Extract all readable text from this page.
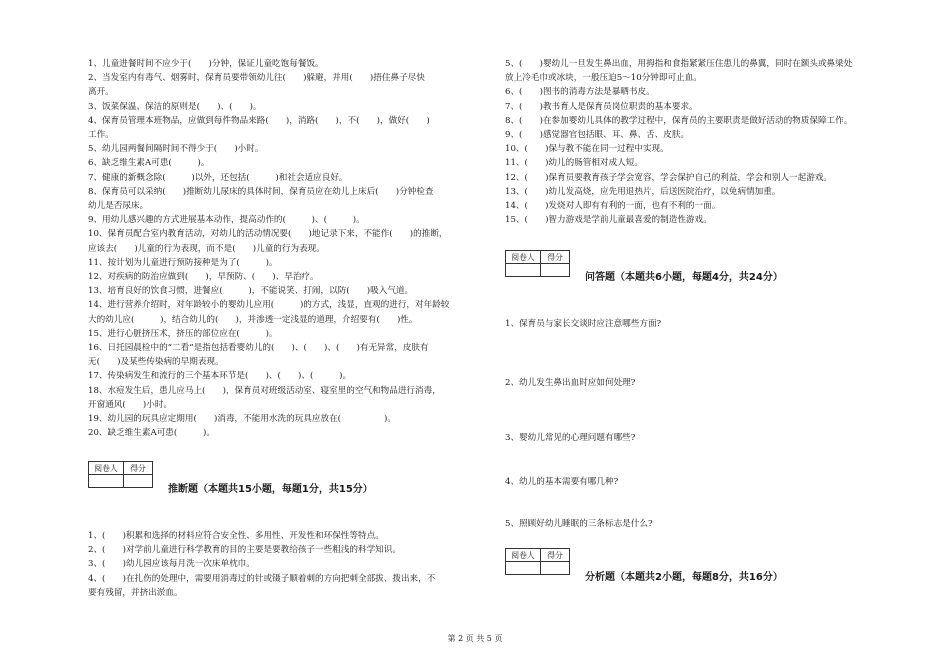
1、儿童进餐时间不应少于(　　)分钟，保证儿童吃饱每餐饭。
2、当发室内有毒气、烟雾时，保育员要带领幼儿往(　　)躲避，并用(　　)捂住鼻子尽快
离开。
3、饭菜保温、保洁的原则是(　　)、(　　)。
4、保育员管理本班物品，应做到每件物品来路(　　)，消路(　　)，不(　　)，做好(　　)
工作。
5、幼儿园两餐间隔时间不得少于(　　)小时。
6、缺乏维生素A可患(　　　)。
7、健康的新概念除(　　　)以外，还包括(　　　)和社会适应良好。
8、保育员可以采纳(　　)推断幼儿尿床的具体时间，保育员应在幼儿上床后(　　)分钟检查
幼儿是否尿床。
9、用幼儿感兴趣的方式进展基本动作，提高动作的(　　　)、(　　　)。
10、保育员配合室内教育活动，对幼儿的活动情况要(　　)地记录下来，不能作(　　)的推断，
应该去(　　)儿童的行为表现，而不是(　　)儿童的行为表现。
11、按计划为儿童进行预防接种是为了(　　　)。
12、对疾病的防治应做到(　　)，早预防、(　　)、早治疗。
13、培育良好的饮食习惯，进餐应(　　　)，不能说笑、打闹，以防(　　)吸入气道。
14、进行营养介绍时，对年龄较小的婴幼儿应用(　　　)的方式，浅显，直观的进行，对年龄较
大的幼儿应(　　　)，结合幼儿的(　　)，并渗透一定浅显的道理，介绍要有(　　)性。
15、进行心脏挤压术，挤压的部位应在(　　　)。
16、日托园晨检中的“二看”是指包括看婴幼儿的(　　)、(　　)、(　　)有无异常，皮肤有
无(　　)及某些传染病的早期表现。
17、传染病发生和流行的三个基本环节是(　　)、(　　)、(　　　)。
18、水痘发生后，患儿应马上(　　)，保育员对班级活动室、寝室里的空气和物品进行消毒，
开窗通风(　　)小时。
19、幼儿园的玩具应定期用(　　)消毒，不能用水洗的玩具应放在(　　　　　)。
20、缺乏维生素A可患(　　　)。
阅卷人	得分

推断题（本题共15小题，每题1分，共15分）
1、(　　)积累和选择的材料应符合安全性、多用性、开发性和环保性等特点。
2、(　　)对学前儿童进行科学教育的目的主要是要教给孩子一些粗浅的科学知识。
3、(　　)幼儿园应该每月洗一次床单枕巾。
4、(　　)在扎伤的处理中，需要用消毒过的针或镊子顺着刺的方向把刺全部拔、拨出来，不
要有残留，并挤出淤血。
5、(　　)婴幼儿一旦发生鼻出血，用拇指和食指紧紧压住患儿的鼻翼，同时在额头或鼻梁处
放上冷毛巾或冰块，一般压迫5～10分钟即可止血。
6、(　　)图书的消毒方法是暴晒书皮。
7、(　　)教书育人是保育员岗位职责的基本要求。
8、(　　)在参加婴幼儿具体的教学过程中，保育员的主要职责是做好活动的物质保障工作。
9、(　　)感觉器官包括眼、耳、鼻、舌、皮肤。
10、(　　)保与教不能在同一过程中实现。
11、(　　)幼儿的肠管相对成人短。
12、(　　)保育员要教育孩子学会宽容，学会保护自己的利益，学会和别人一起游戏。
13、(　　)幼儿发高烧，应先用退热片，后送医院治疗，以免病情加重。
14、(　　)发烧对人即有有利的一面，也有不利的一面。
15、(　　)智力游戏是学前儿童最喜爱的制造性游戏。
阅卷人	得分

问答题（本题共6小题，每题4分，共24分）
1、保育员与家长交谈时应注意哪些方面?
2、幼儿发生鼻出血时应如何处理?
3、婴幼儿常见的心理问题有哪些?
4、幼儿的基本需要有哪几种?
5、照顾好幼儿睡眠的三条标志是什么?
阅卷人	得分

分析题（本题共2小题，每题8分，共16分）
第 2 页 共 5 页
